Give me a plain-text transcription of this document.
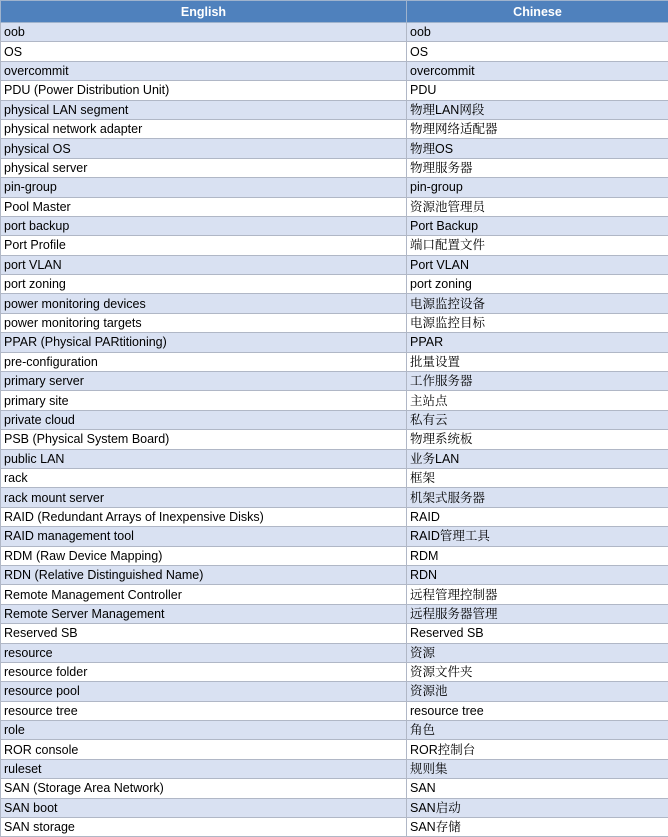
English	Chinese
oob	oob
OS	OS
overcommit	overcommit
PDU (Power Distribution Unit)	PDU
physical LAN segment	物理LAN网段
physical network adapter	物理网络适配器
physical OS	物理OS
physical server	物理服务器
pin-group	pin-group
Pool Master	资源池管理员
port backup	Port Backup
Port Profile	端口配置文件
port VLAN	Port VLAN
port zoning	port zoning
power monitoring devices	电源监控设备
power monitoring targets	电源监控目标
PPAR (Physical PARtitioning)	PPAR
pre-configuration	批量设置
primary server	工作服务器
primary site	主站点
private cloud	私有云
PSB (Physical System Board)	物理系统板
public LAN	业务LAN
rack	框架
rack mount server	机架式服务器
RAID (Redundant Arrays of Inexpensive Disks)	RAID
RAID management tool	RAID管理工具
RDM (Raw Device Mapping)	RDM
RDN (Relative Distinguished Name)	RDN
Remote Management Controller	远程管理控制器
Remote Server Management	远程服务器管理
Reserved SB	Reserved SB
resource	资源
resource folder	资源文件夹
resource pool	资源池
resource tree	resource tree
role	角色
ROR console	ROR控制台
ruleset	规则集
SAN (Storage Area Network)	SAN
SAN boot	SAN启动
SAN storage	SAN存储
